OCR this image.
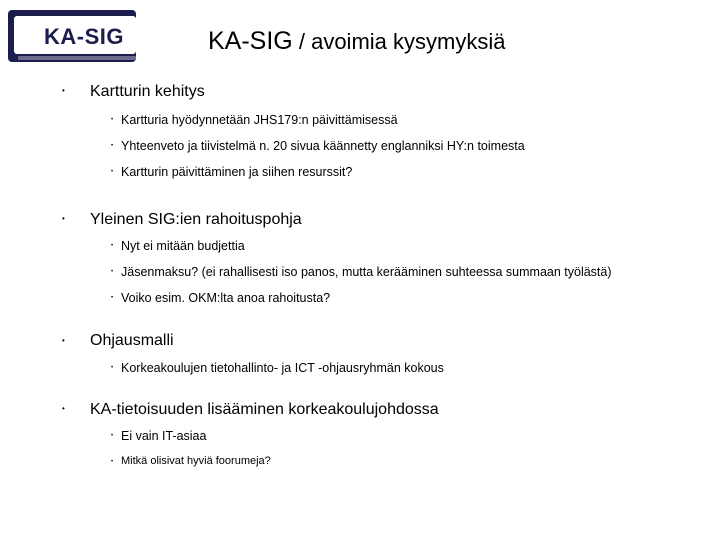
FIN
KA-SIG	KA-SIG / avoimia kysymyksiä
• Kartturin kehitys
• Kartturia hyödynnetään JHS179:n päivittämisessä
• Yhteenveto ja tiivistelmä n. 20 sivua käännetty englanniksi HY:n toimesta
• Kartturin päivittäminen ja siihen resurssit?
• Yleinen SIG:ien rahoituspohja
• Nyt ei mitään budjettia
• Jäsenmaksu? (ei rahallisesti iso panos, mutta kerääminen suhteessa summaan työlästä)
• Voiko esim. OKM:lta anoa rahoitusta?
• Ohjausmalli
• Korkeakoulujen tietohallinto- ja ICT -ohjausryhmän kokous
• KA-tietoisuuden lisääminen korkeakoulujohdossa
• Ei vain IT-asiaa
• Mitkä olisivat hyviä foorumeja?
